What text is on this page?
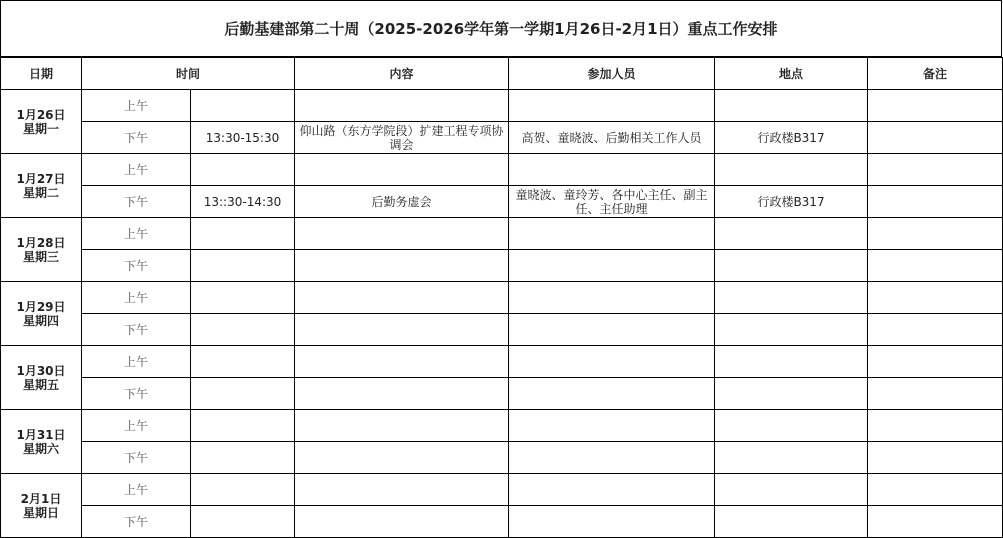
后勤基建部第二十周（2025-2026学年第一学期1月26日-2月1日）重点工作安排
日期	时间		内容	参加人员	地点	备注

1月26日
星期一	上午					
	下午	13:30-15:30	仰山路（东方学院段）扩建工程专项协调会	高贺、童晓波、后勤相关工作人员	行政楼B317	

1月27日
星期二	上午					
	下午	13::30-14:30	后勤务虚会	童晓波、童玲芳、各中心主任、副主任、主任助理	行政楼B317	

1月28日
星期三	上午					
	下午					

1月29日
星期四	上午					
	下午					

1月30日
星期五	上午					
	下午					

1月31日
星期六	上午					
	下午					

2月1日
星期日	上午					
	下午					
